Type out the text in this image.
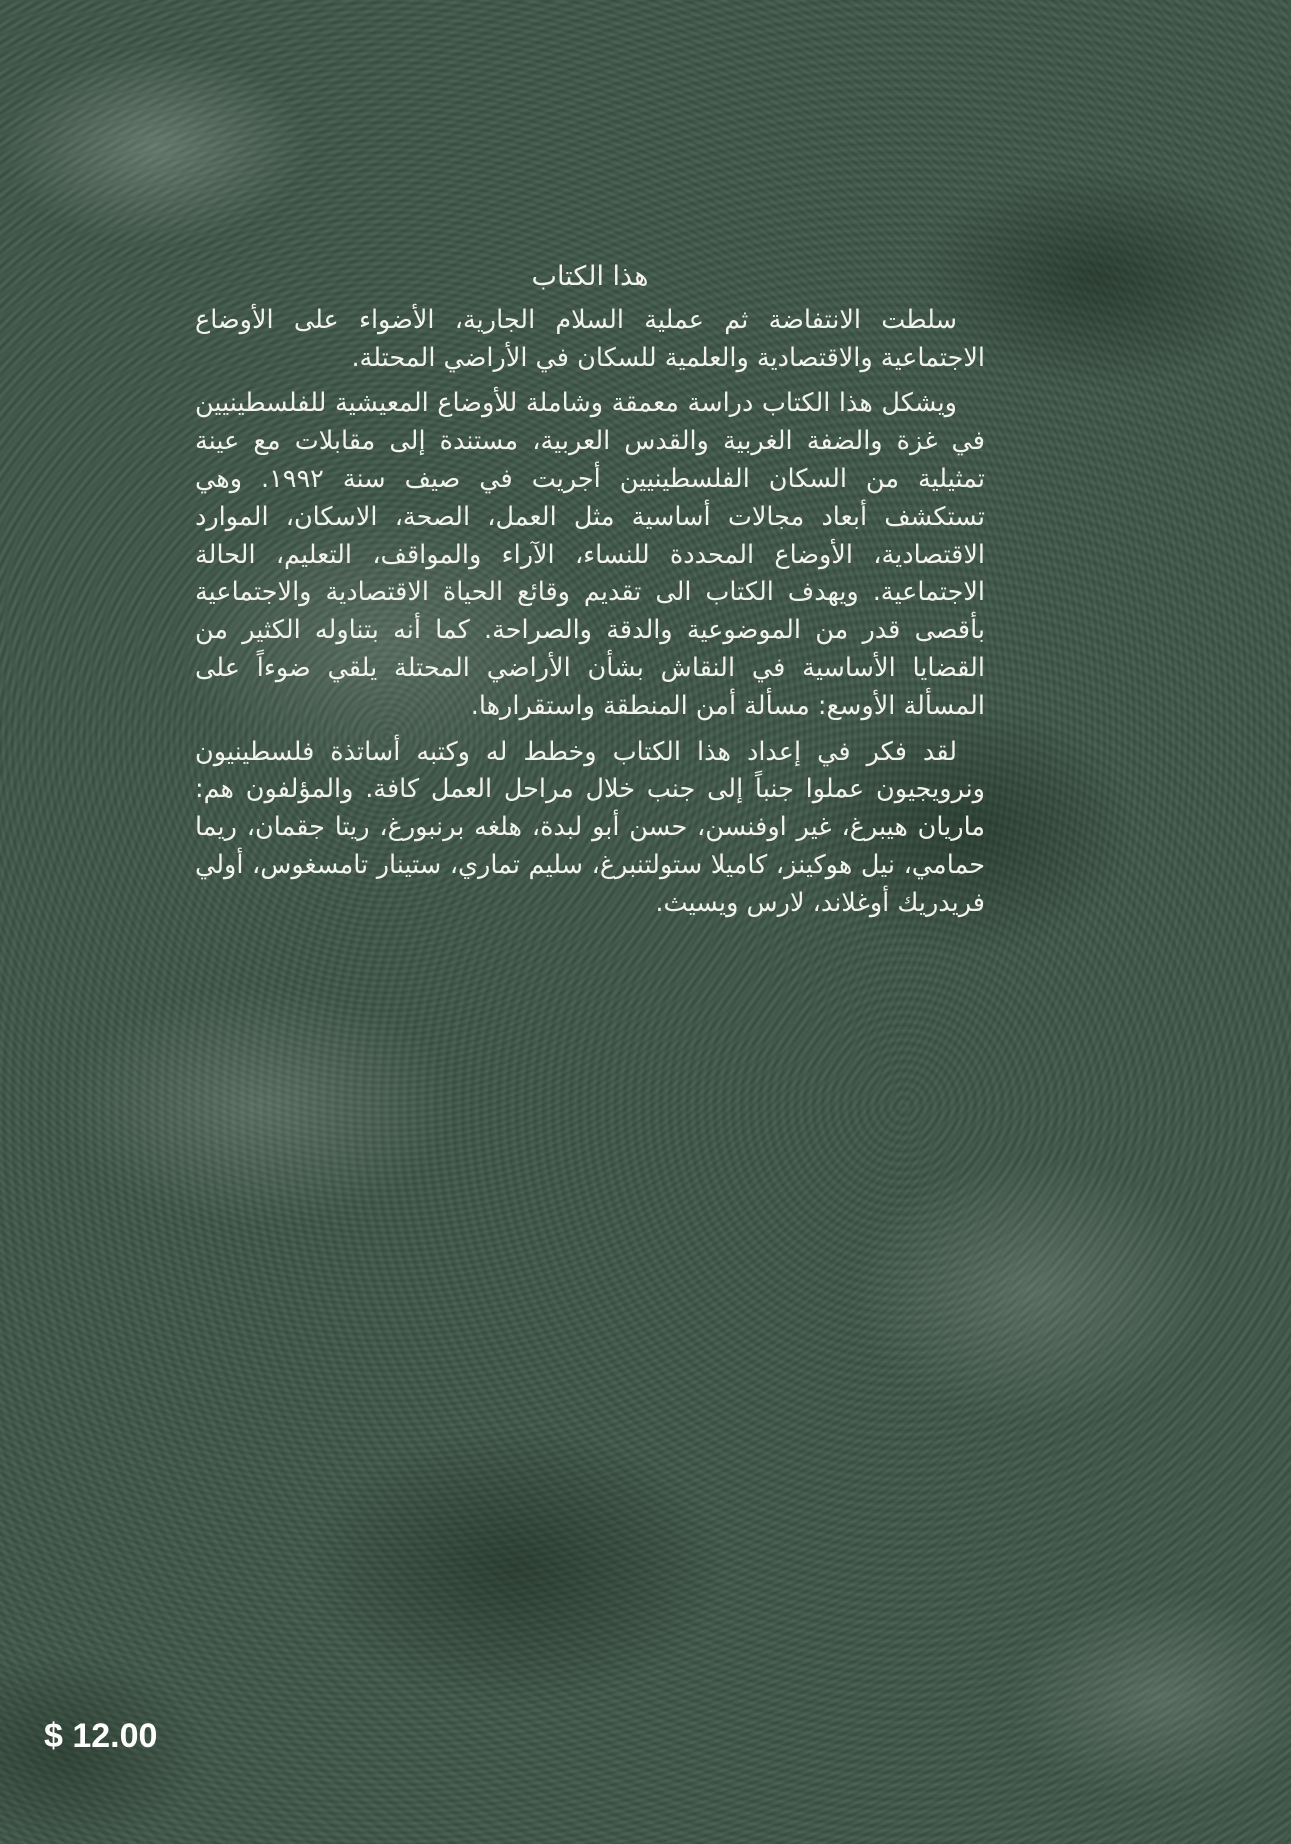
هذا الكتاب

سلطت الانتفاضة ثم عملية السلام الجارية، الأضواء على الأوضاع الاجتماعية والاقتصادية والعلمية للسكان في الأراضي المحتلة.

ويشكل هذا الكتاب دراسة معمقة وشاملة للأوضاع المعيشية للفلسطينيين في غزة والضفة الغربية والقدس العربية، مستندة إلى مقابلات مع عينة تمثيلية من السكان الفلسطينيين أجريت في صيف سنة ١٩٩٢. وهي تستكشف أبعاد مجالات أساسية مثل العمل، الصحة، الاسكان، الموارد الاقتصادية، الأوضاع المحددة للنساء، الآراء والمواقف، التعليم، الحالة الاجتماعية. ويهدف الكتاب الى تقديم وقائع الحياة الاقتصادية والاجتماعية بأقصى قدر من الموضوعية والدقة والصراحة. كما أنه بتناوله الكثير من القضايا الأساسية في النقاش بشأن الأراضي المحتلة يلقي ضوءاً على المسألة الأوسع: مسألة أمن المنطقة واستقرارها.

لقد فكر في إعداد هذا الكتاب وخطط له وكتبه أساتذة فلسطينيون ونرويجيون عملوا جنباً إلى جنب خلال مراحل العمل كافة. والمؤلفون هم: ماريان هيبرغ، غير اوفنسن، حسن أبو لبدة، هلغه برنبورغ، ريتا جقمان، ريما حمامي، نيل هوكينز، كاميلا ستولتنبرغ، سليم تماري، ستينار تامسغوس، أولي فريدريك أوغلاند، لارس ويسيث.

$ 12.00
